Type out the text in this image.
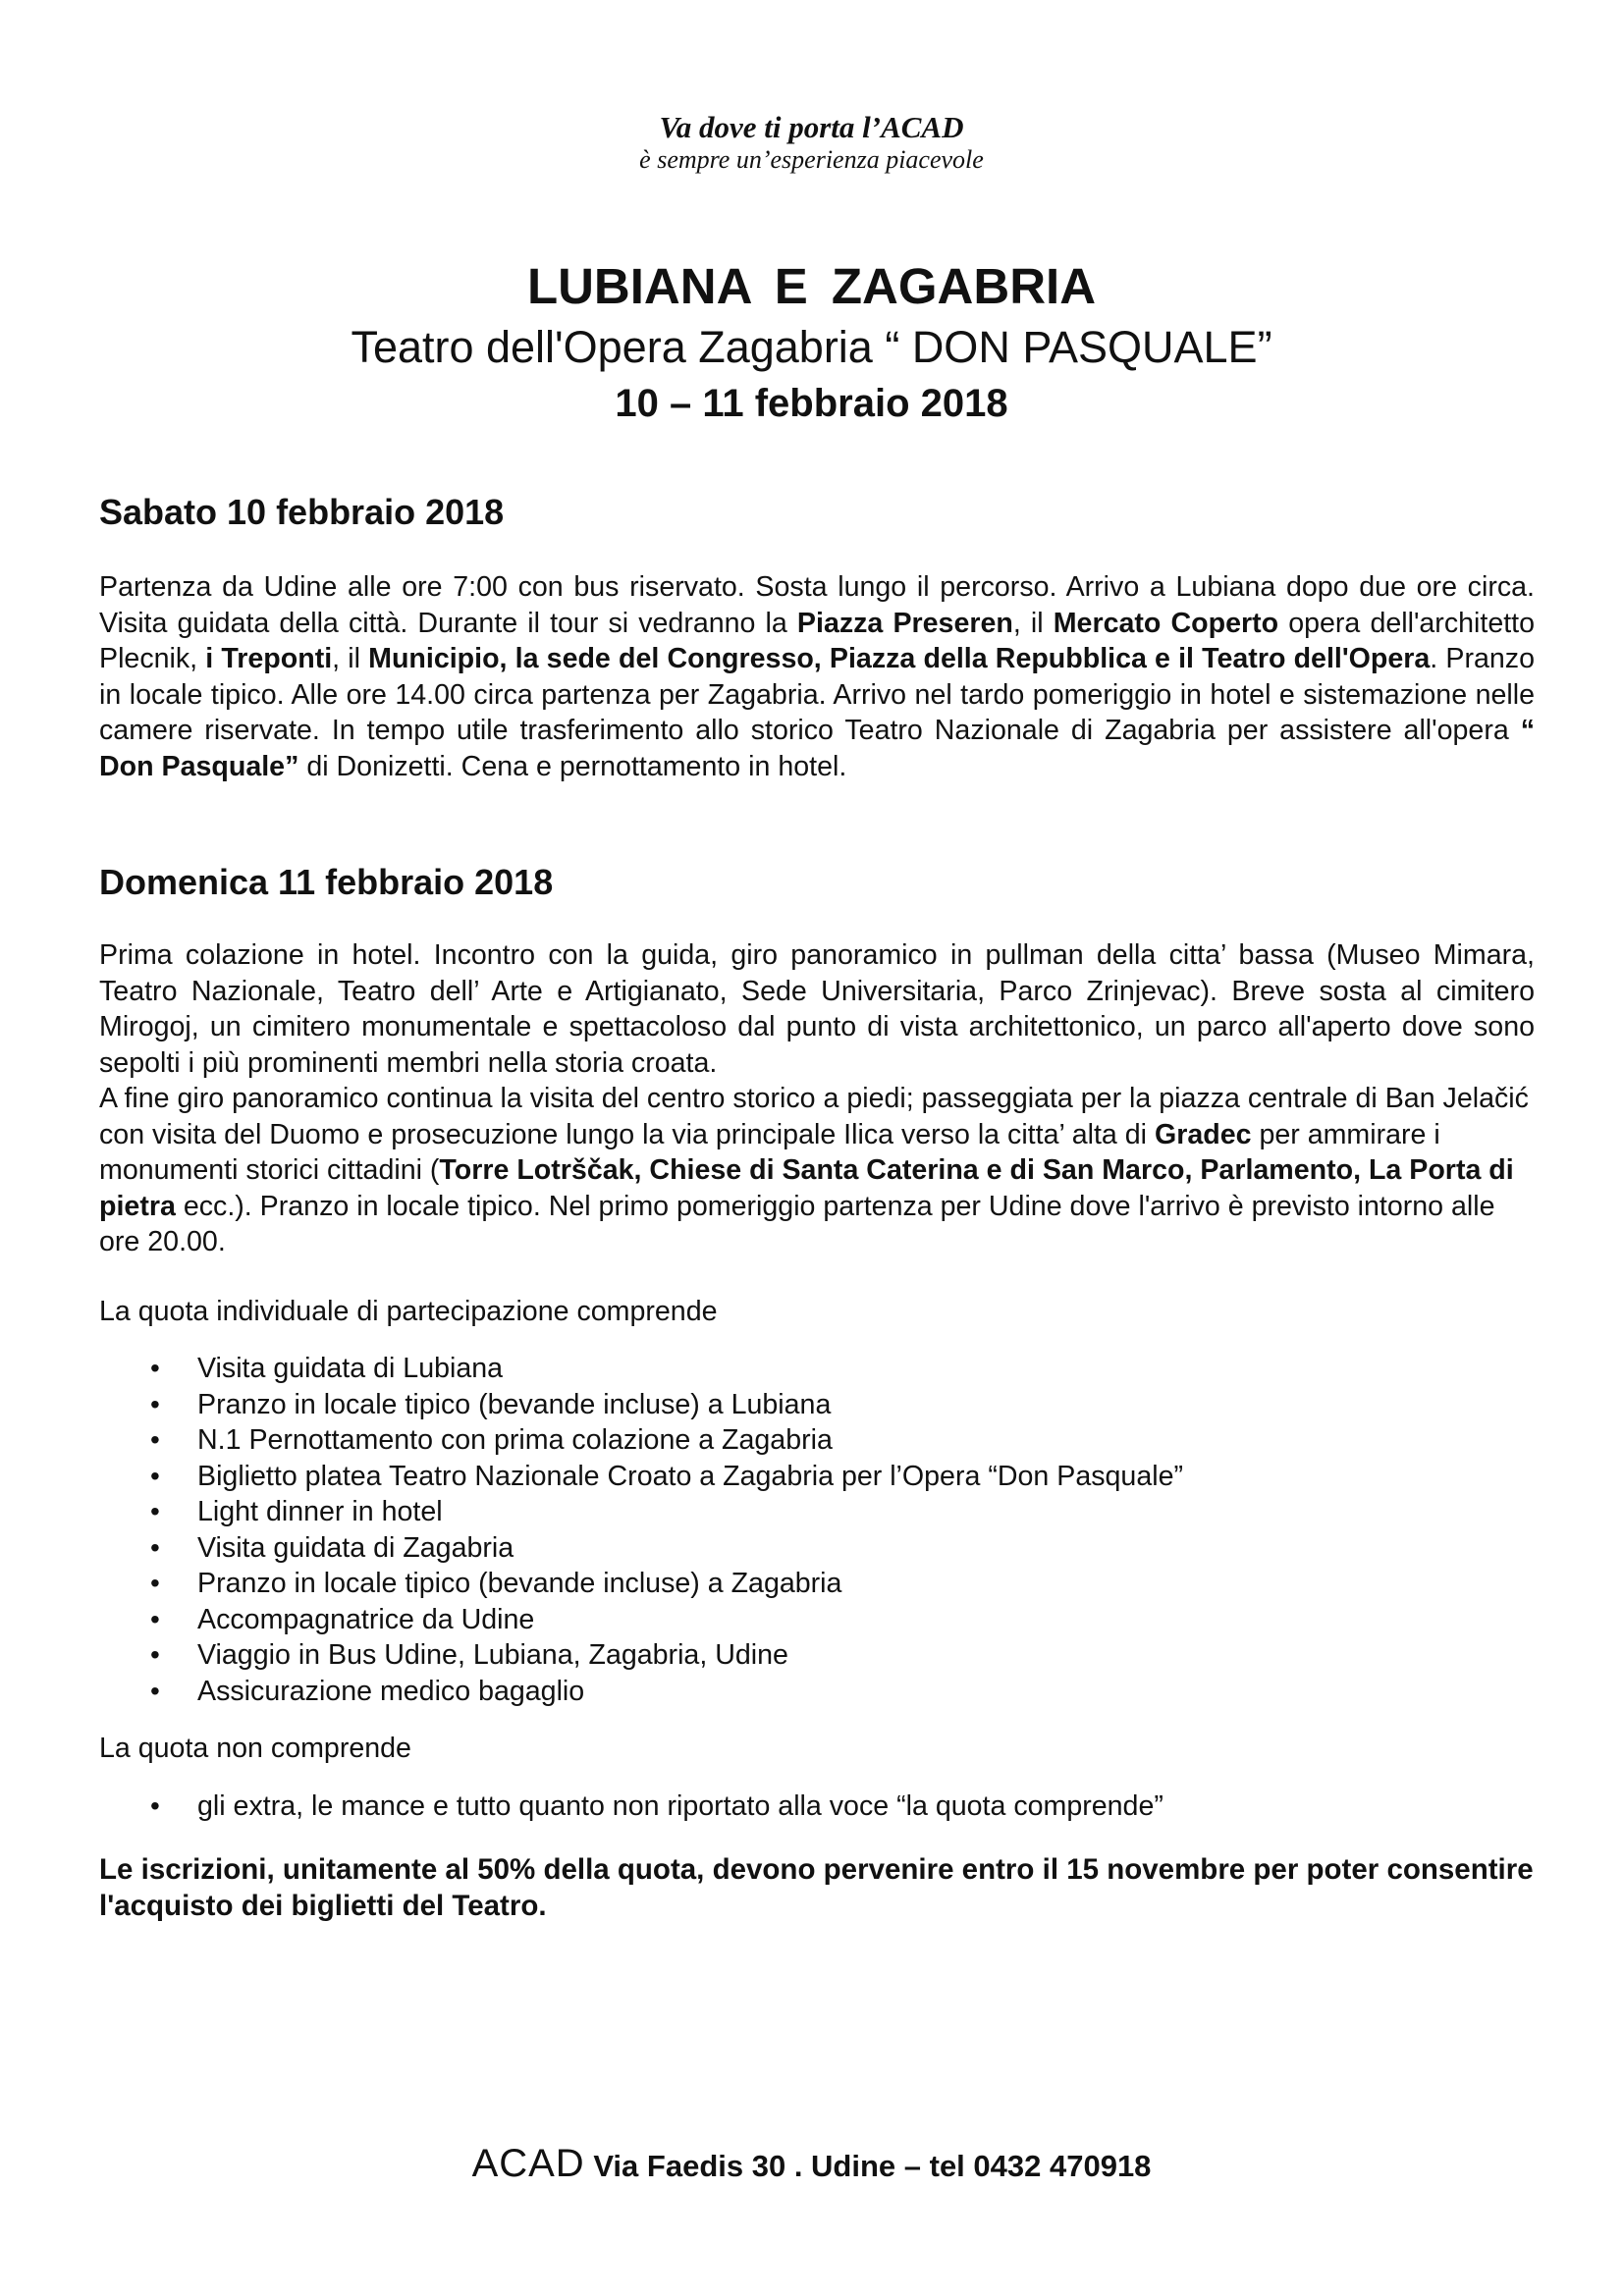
Va dove ti porta l’ACAD
è sempre un’esperienza piacevole
LUBIANA E ZAGABRIA
Teatro dell'Opera Zagabria “ DON PASQUALE”
10 – 11 febbraio 2018
Sabato 10 febbraio 2018

Partenza da Udine alle ore 7:00 con bus riservato. Sosta lungo il percorso. Arrivo a Lubiana dopo due ore circa. Visita guidata della città. Durante il tour si vedranno la Piazza Preseren, il Mercato Coperto opera dell'architetto Plecnik, i Treponti, il Municipio, la sede del Congresso, Piazza della Repubblica e il Teatro dell'Opera. Pranzo in locale tipico. Alle ore 14.00 circa partenza per Zagabria. Arrivo nel tardo pomeriggio in hotel e sistemazione nelle camere riservate. In tempo utile trasferimento allo storico Teatro Nazionale di Zagabria per assistere all'opera “ Don Pasquale” di Donizetti. Cena e pernottamento in hotel.

Domenica 11 febbraio 2018

Prima colazione in hotel. Incontro con la guida, giro panoramico in pullman della citta’ bassa (Museo Mimara, Teatro Nazionale, Teatro dell’ Arte e Artigianato, Sede Universitaria, Parco Zrinjevac). Breve sosta al cimitero Mirogoj, un cimitero monumentale e spettacoloso dal punto di vista architettonico, un parco all'aperto dove sono sepolti i più prominenti membri nella storia croata.

A fine giro panoramico continua la visita del centro storico a piedi; passeggiata per la piazza centrale di Ban Jelačić con visita del Duomo e prosecuzione lungo la via principale Ilica verso la citta’ alta di Gradec per ammirare i monumenti storici cittadini (Torre Lotrščak, Chiese di Santa Caterina e di San Marco, Parlamento, La Porta di pietra ecc.). Pranzo in locale tipico. Nel primo pomeriggio partenza per Udine dove l'arrivo è previsto intorno alle ore 20.00.

La quota individuale di partecipazione comprende

• Visita guidata di Lubiana
• Pranzo in locale tipico (bevande incluse) a Lubiana
• N.1 Pernottamento con prima colazione a Zagabria
• Biglietto platea Teatro Nazionale Croato a Zagabria per l’Opera “Don Pasquale”
• Light dinner in hotel
• Visita guidata di Zagabria
• Pranzo in locale tipico (bevande incluse) a Zagabria
• Accompagnatrice da Udine
• Viaggio in Bus Udine, Lubiana, Zagabria, Udine
• Assicurazione medico bagaglio

La quota non comprende

• gli extra, le mance e tutto quanto non riportato alla voce “la quota comprende”

Le iscrizioni, unitamente al 50% della quota, devono pervenire entro il 15 novembre per poter consentire l'acquisto dei biglietti del Teatro.

ACAD Via Faedis 30 . Udine – tel 0432 470918
